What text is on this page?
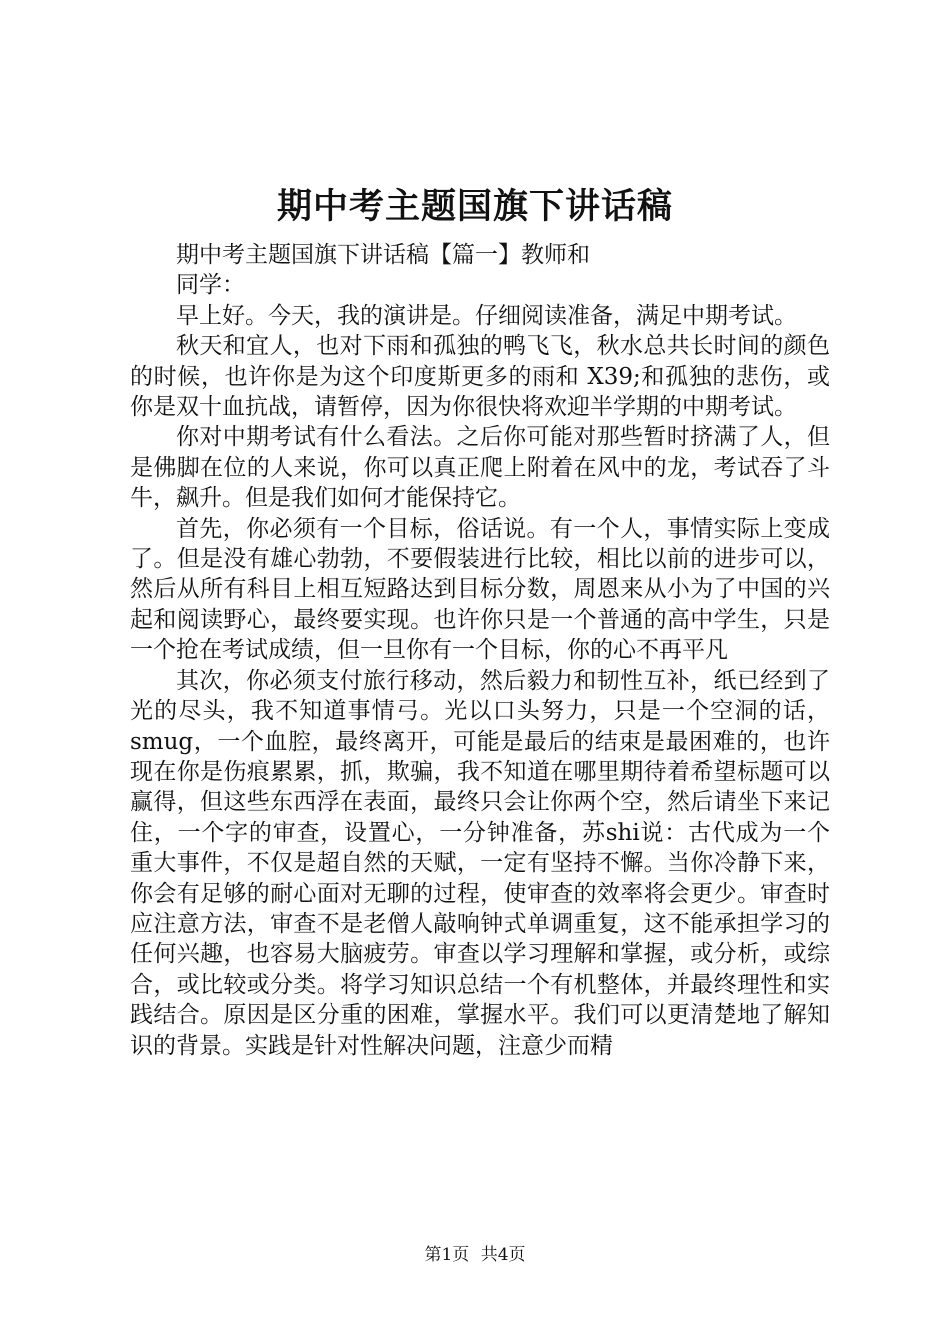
期中考主题国旗下讲话稿

期中考主题国旗下讲话稿【篇一】教师和

同学：

早上好。今天，我的演讲是。仔细阅读准备，满足中期考试。

秋天和宜人，也对下雨和孤独的鸭飞飞，秋水总共长时间的颜色的时候，也许你是为这个印度斯更多的雨和 X39;和孤独的悲伤，或你是双十血抗战，请暂停，因为你很快将欢迎半学期的中期考试。

你对中期考试有什么看法。之后你可能对那些暂时挤满了人，但是佛脚在位的人来说，你可以真正爬上附着在风中的龙，考试吞了斗牛，飙升。但是我们如何才能保持它。

首先，你必须有一个目标，俗话说。有一个人，事情实际上变成了。但是没有雄心勃勃，不要假装进行比较，相比以前的进步可以，然后从所有科目上相互短路达到目标分数，周恩来从小为了中国的兴起和阅读野心，最终要实现。也许你只是一个普通的高中学生，只是一个抢在考试成绩，但一旦你有一个目标，你的心不再平凡

其次，你必须支付旅行移动，然后毅力和韧性互补，纸已经到了光的尽头，我不知道事情弓。光以口头努力，只是一个空洞的话，smug，一个血腔，最终离开，可能是最后的结束是最困难的，也许现在你是伤痕累累，抓，欺骗，我不知道在哪里期待着希望标题可以赢得，但这些东西浮在表面，最终只会让你两个空，然后请坐下来记住，一个字的审查，设置心，一分钟准备，苏shi说：古代成为一个重大事件，不仅是超自然的天赋，一定有坚持不懈。当你冷静下来，你会有足够的耐心面对无聊的过程，使审查的效率将会更少。审查时应注意方法，审查不是老僧人敲响钟式单调重复，这不能承担学习的任何兴趣，也容易大脑疲劳。审查以学习理解和掌握，或分析，或综合，或比较或分类。将学习知识总结一个有机整体，并最终理性和实践结合。原因是区分重的困难，掌握水平。我们可以更清楚地了解知识的背景。实践是针对性解决问题，注意少而精

第1页 共4页
